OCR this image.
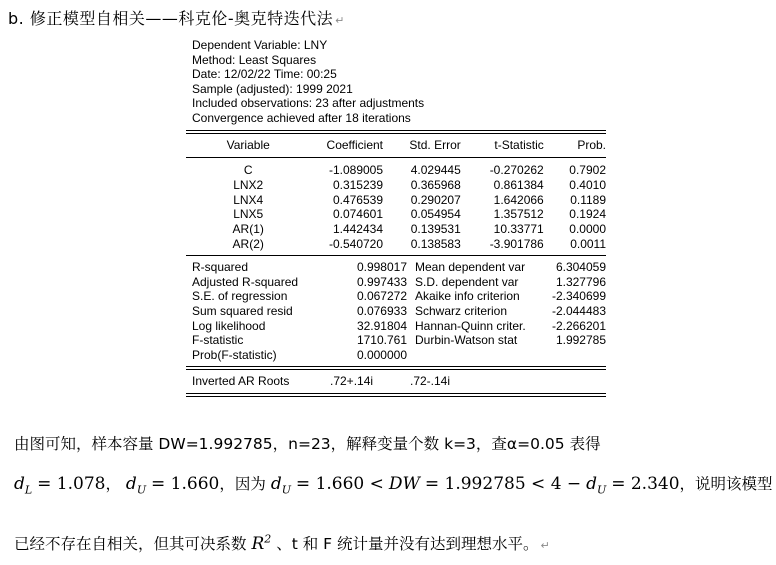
b. 修正模型自相关——科克伦-奥克特迭代法 ↵
Dependent Variable: LNY
Method: Least Squares
Date: 12/02/22 Time: 00:25
Sample (adjusted): 1999 2021
Included observations: 23 after adjustments
Convergence achieved after 18 iterations
Variable	Coefficient	Std. Error	t-Statistic	Prob.
C	-1.089005	4.029445	-0.270262	0.7902
LNX2	0.315239	0.365968	0.861384	0.4010
LNX4	0.476539	0.290207	1.642066	0.1189
LNX5	0.074601	0.054954	1.357512	0.1924
AR(1)	1.442434	0.139531	10.33771	0.0000
AR(2)	-0.540720	0.138583	-3.901786	0.0011
R-squared	0.998017	Mean dependent var	6.304059
Adjusted R-squared	0.997433	S.D. dependent var	1.327796
S.E. of regression	0.067272	Akaike info criterion	-2.340699
Sum squared resid	0.076933	Schwarz criterion	-2.044483
Log likelihood	32.91804	Hannan-Quinn criter.	-2.266201
F-statistic	1710.761	Durbin-Watson stat	1.992785
Prob(F-statistic)	0.000000		
Inverted AR Roots	.72+.14i	.72-.14i
由图可知，样本容量 DW=1.992785，n=23，解释变量个数 k=3，查α=0.05 表得
$d_L = 1.078$， $d_U = 1.660$，因为 $d_U = 1.660$ < DW = $1.992785 < 4 - d_U = 2.340$，说明该模型
已经不存在自相关，但其可决系数 $R^2$ 、t 和 F 统计量并没有达到理想水平。 ↵
